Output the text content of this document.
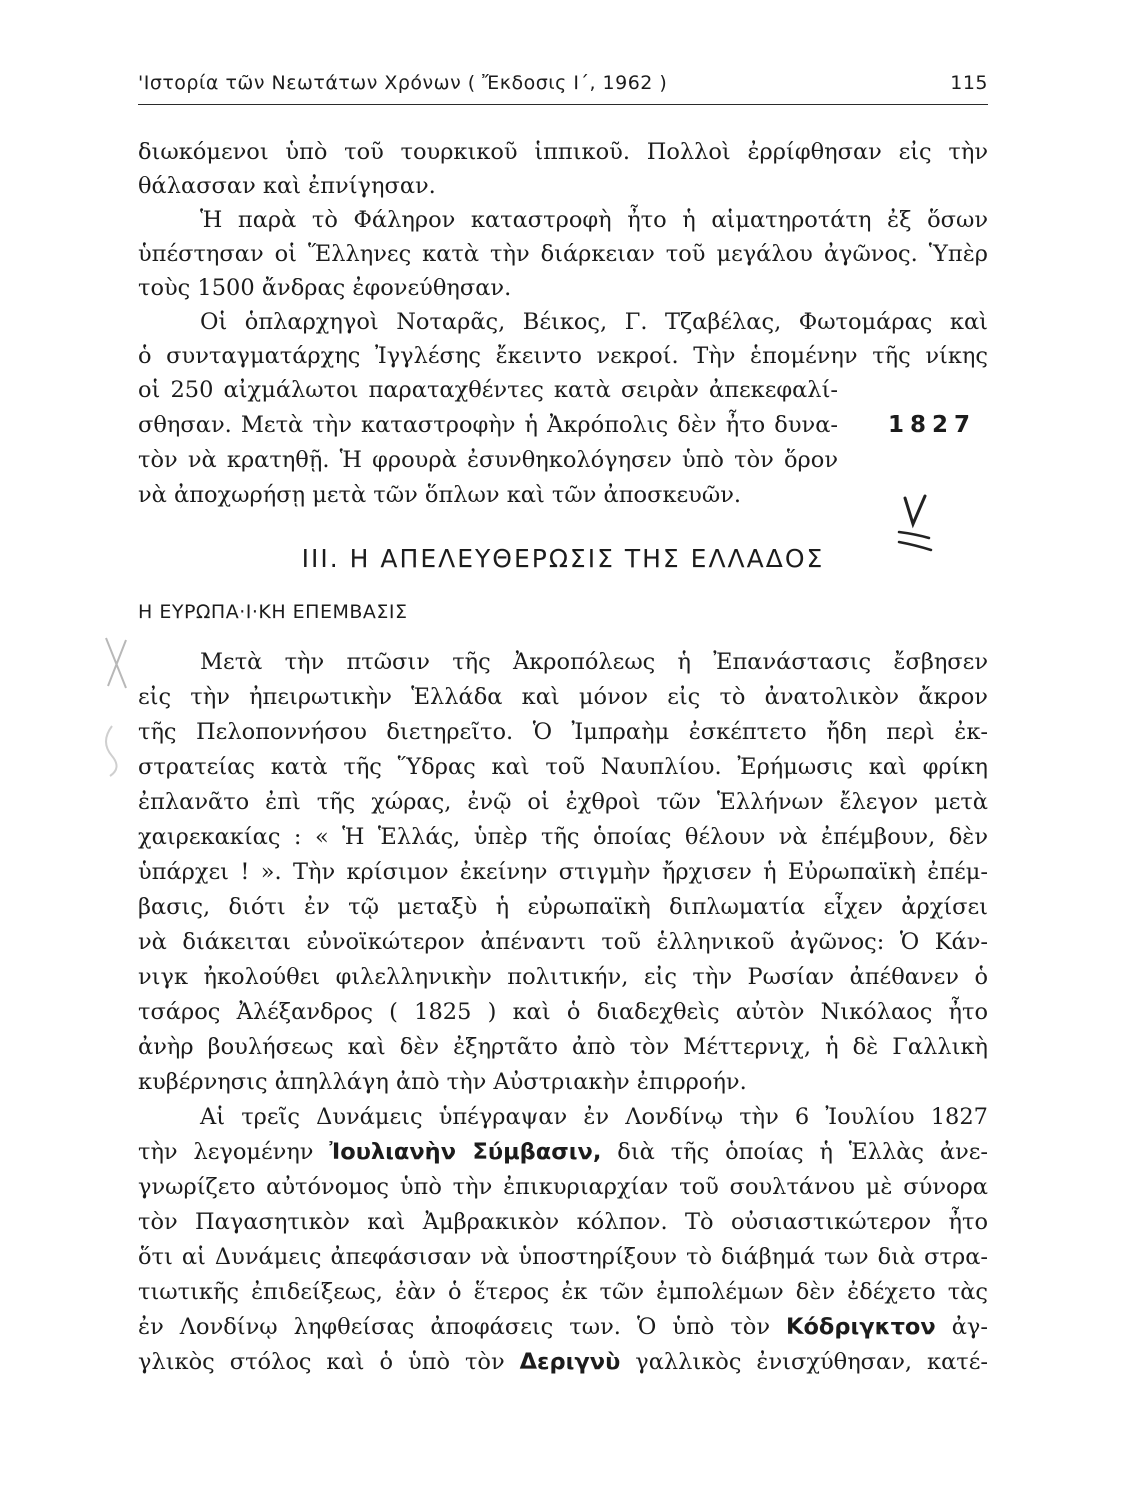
'Ιστορία τῶν Νεωτάτων Χρόνων ( Ἔκδοσις Ι΄, 1962 )	115
διωκόμενοι ὑπὸ τοῦ τουρκικοῦ ἱππικοῦ. Πολλοὶ ἐρρίφθησαν εἰς τὴν
θάλασσαν καὶ ἐπνίγησαν.
Ἡ παρὰ τὸ Φάληρον καταστροφὴ ἦτο ἡ αἱματηροτάτη ἐξ ὅσων
ὑπέστησαν οἱ Ἕλληνες κατὰ τὴν διάρκειαν τοῦ μεγάλου ἀγῶνος. Ὑπὲρ
τοὺς 1500 ἄνδρας ἐφονεύθησαν.
Οἱ ὁπλαρχηγοὶ Νοταρᾶς, Βέικος, Γ. Τζαβέλας, Φωτομάρας καὶ
ὁ συνταγματάρχης Ἰγγλέσης ἔκειντο νεκροί. Τὴν ἑπομένην τῆς νίκης
οἱ 250 αἰχμάλωτοι παραταχθέντες κατὰ σειρὰν ἀπεκεφαλί-
σθησαν. Μετὰ τὴν καταστροφὴν ἡ Ἀκρόπολις δὲν ἦτο δυνα-
τὸν νὰ κρατηθῇ. Ἡ φρουρὰ ἐσυνθηκολόγησεν ὑπὸ τὸν ὅρον
νὰ ἀποχωρήσῃ μετὰ τῶν ὅπλων καὶ τῶν ἀποσκευῶν.
1827
III. Η ΑΠΕΛΕΥΘΕΡΩΣΙΣ ΤΗΣ ΕΛΛΑΔΟΣ
Η ΕΥΡΩΠΑ·Ι·ΚΗ ΕΠΕΜΒΑΣΙΣ
Μετὰ τὴν πτῶσιν τῆς Ἀκροπόλεως ἡ Ἐπανάστασις ἔσβησεν
εἰς τὴν ἠπειρωτικὴν Ἑλλάδα καὶ μόνον εἰς τὸ ἀνατολικὸν ἄκρον
τῆς Πελοποννήσου διετηρεῖτο. Ὁ Ἰμπραὴμ ἐσκέπτετο ἤδη περὶ ἐκ-
στρατείας κατὰ τῆς Ὕδρας καὶ τοῦ Ναυπλίου. Ἐρήμωσις καὶ φρίκη
ἐπλανᾶτο ἐπὶ τῆς χώρας, ἐνῷ οἱ ἐχθροὶ τῶν Ἑλλήνων ἔλεγον μετὰ
χαιρεκακίας : « Ἡ Ἑλλάς, ὑπὲρ τῆς ὁποίας θέλουν νὰ ἐπέμβουν, δὲν
ὑπάρχει ! ». Τὴν κρίσιμον ἐκείνην στιγμὴν ἤρχισεν ἡ Εὐρωπαϊκὴ ἐπέμ-
βασις, διότι ἐν τῷ μεταξὺ ἡ εὐρωπαϊκὴ διπλωματία εἶχεν ἀρχίσει
νὰ διάκειται εὐνοϊκώτερον ἀπέναντι τοῦ ἑλληνικοῦ ἀγῶνος: Ὁ Κάν-
νιγκ ἠκολούθει φιλελληνικὴν πολιτικήν, εἰς τὴν Ρωσίαν ἀπέθανεν ὁ
τσάρος Ἀλέξανδρος ( 1825 ) καὶ ὁ διαδεχθεὶς αὐτὸν Νικόλαος ἦτο
ἀνὴρ βουλήσεως καὶ δὲν ἐξηρτᾶτο ἀπὸ τὸν Μέττερνιχ, ἡ δὲ Γαλλικὴ
κυβέρνησις ἀπηλλάγη ἀπὸ τὴν Αὐστριακὴν ἐπιρροήν.
Αἱ τρεῖς Δυνάμεις ὑπέγραψαν ἐν Λονδίνῳ τὴν 6 Ἰουλίου 1827
τὴν λεγομένην Ἰουλιανὴν Σύμβασιν, διὰ τῆς ὁποίας ἡ Ἑλλὰς ἀνε-
γνωρίζετο αὐτόνομος ὑπὸ τὴν ἐπικυριαρχίαν τοῦ σουλτάνου μὲ σύνορα
τὸν Παγασητικὸν καὶ Ἀμβρακικὸν κόλπον. Τὸ οὐσιαστικώτερον ἦτο
ὅτι αἱ Δυνάμεις ἀπεφάσισαν νὰ ὑποστηρίξουν τὸ διάβημά των διὰ στρα-
τιωτικῆς ἐπιδείξεως, ἐὰν ὁ ἕτερος ἐκ τῶν ἐμπολέμων δὲν ἐδέχετο τὰς
ἐν Λονδίνῳ ληφθείσας ἀποφάσεις των. Ὁ ὑπὸ τὸν Κόδριγκτον ἀγ-
γλικὸς στόλος καὶ ὁ ὑπὸ τὸν Δεριγνὺ γαλλικὸς ἐνισχύθησαν, κατέ-
